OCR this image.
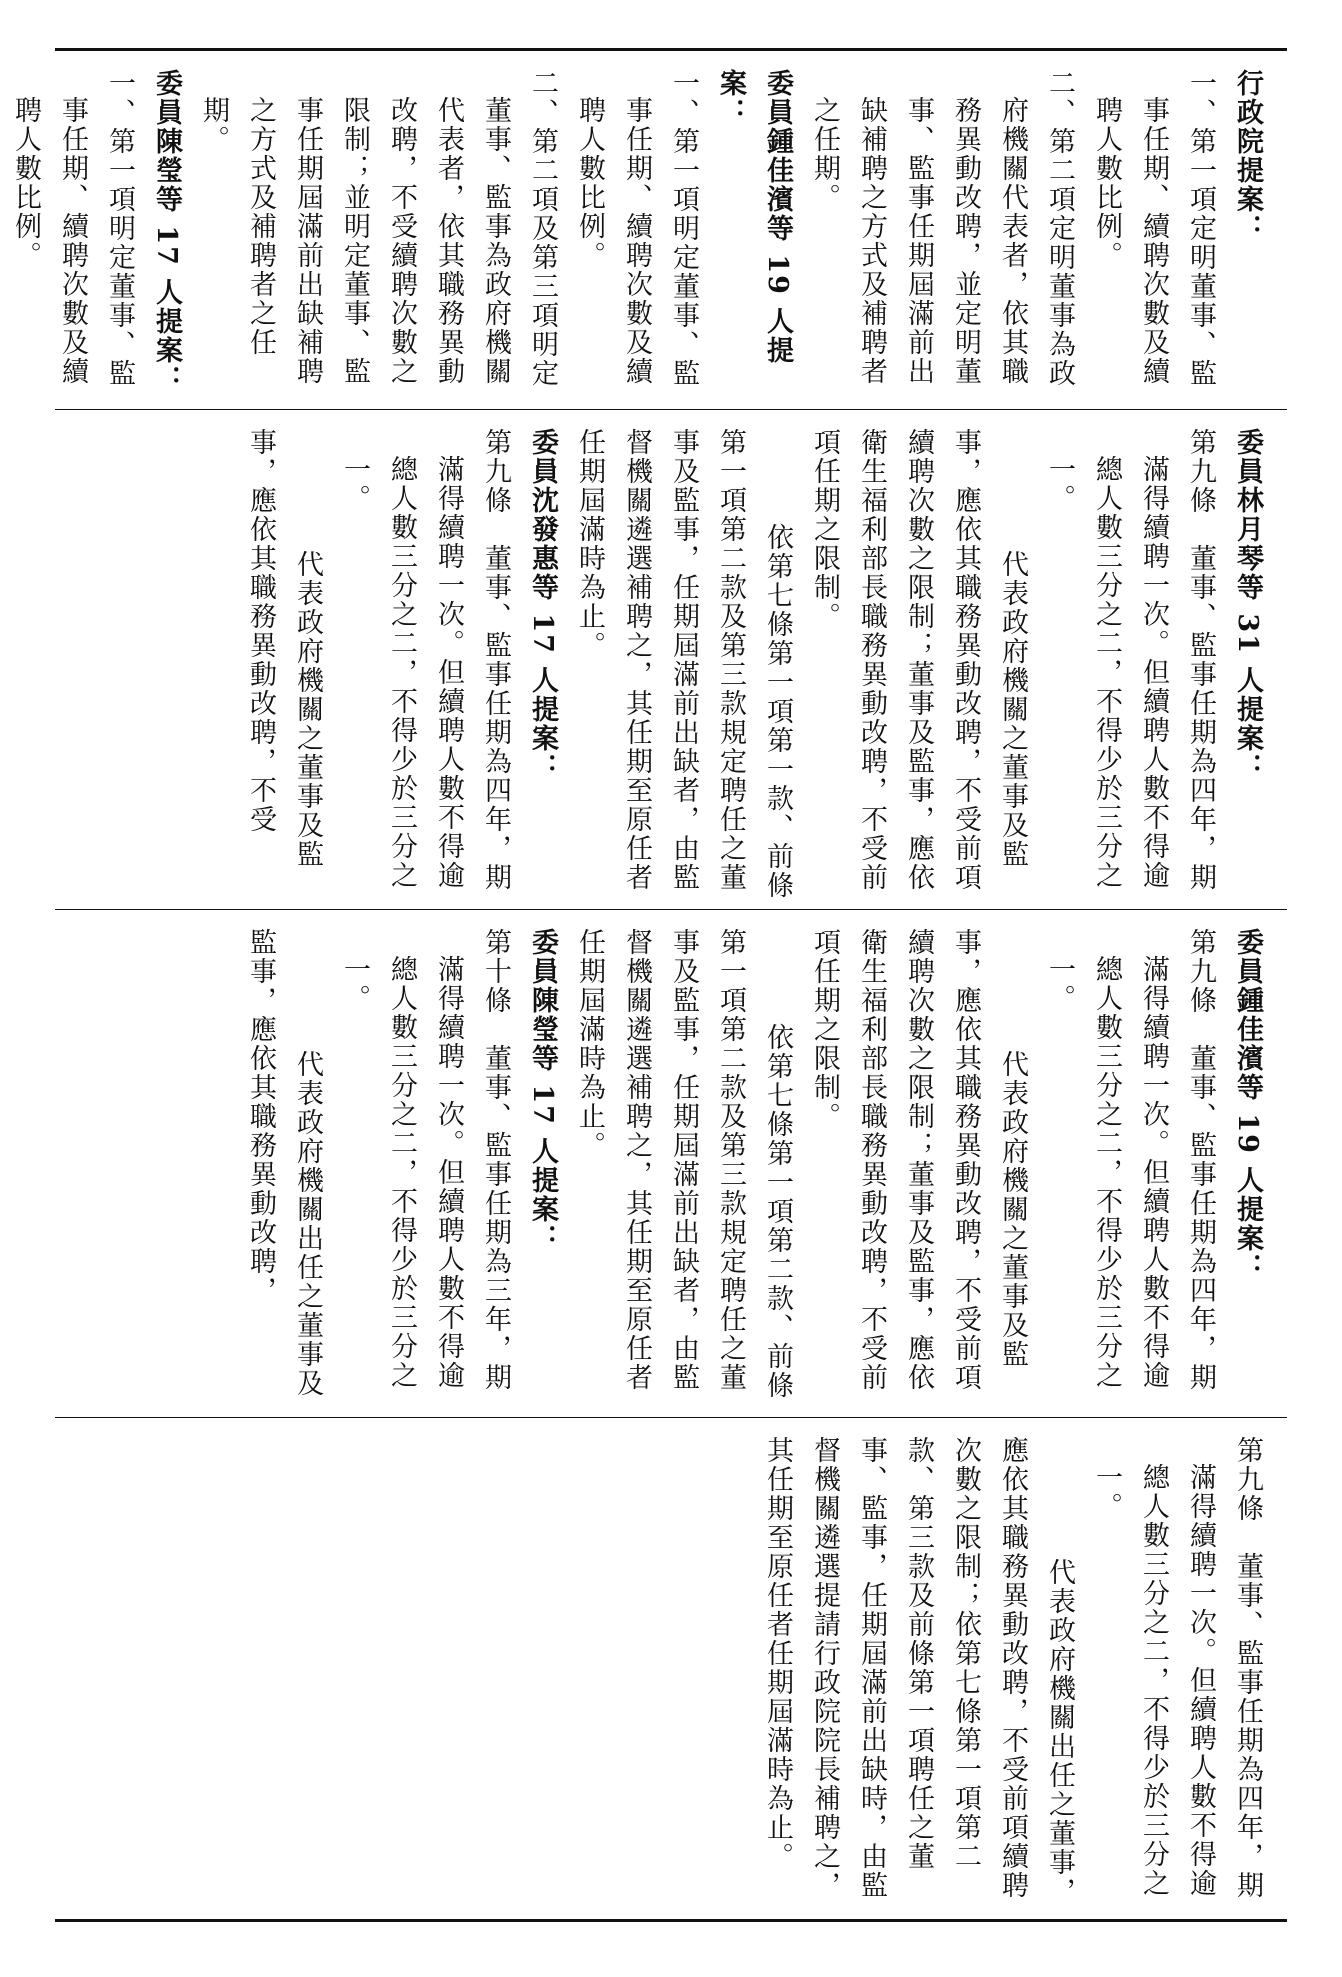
行政院提案：

一、第一項定明董事、監事任期、續聘次數及續聘人數比例。

二、第二項定明董事為政府機關代表者，依其職務異動改聘，並定明董事、監事任期屆滿前出缺補聘之方式及補聘者之任期。

委員鍾佳濱等 19 人提案：

一、第一項明定董事、監事任期、續聘次數及續聘人數比例。

二、第二項及第三項明定董事、監事為政府機關代表者，依其職務異動改聘，不受續聘次數之限制；並明定董事、監事任期屆滿前出缺補聘之方式及補聘者之任期。

委員陳瑩等 17 人提案：

一、第一項明定董事、監事任期、續聘次數及續聘人數比例。

委員林月琴等 31 人提案：

第九條　董事、監事任期為四年，期滿得續聘一次。但續聘人數不得逾總人數三分之二，不得少於三分之一。

代表政府機關之董事及監事，應依其職務異動改聘，不受前項續聘次數之限制；董事及監事，應依衛生福利部長職務異動改聘，不受前項任期之限制。

依第七條第一項第一款、前條第一項第二款及第三款規定聘任之董事及監事，任期屆滿前出缺者，由監督機關遴選補聘之，其任期至原任者任期屆滿時為止。

委員沈發惠等 17 人提案：

第九條　董事、監事任期為四年，期滿得續聘一次。但續聘人數不得逾總人數三分之二，不得少於三分之一。

代表政府機關之董事及監事，應依其職務異動改聘，不受

委員鍾佳濱等 19 人提案：

第九條　董事、監事任期為四年，期滿得續聘一次。但續聘人數不得逾總人數三分之二，不得少於三分之一。

代表政府機關之董事及監事，應依其職務異動改聘，不受前項續聘次數之限制；董事及監事，應依衛生福利部長職務異動改聘，不受前項任期之限制。

依第七條第一項第二款、前條第一項第二款及第三款規定聘任之董事及監事，任期屆滿前出缺者，由監督機關遴選補聘之，其任期至原任者任期屆滿時為止。

委員陳瑩等 17 人提案：

第十條　董事、監事任期為三年，期滿得續聘一次。但續聘人數不得逾總人數三分之二，不得少於三分之一。

代表政府機關出任之董事及監事，應依其職務異動改聘，

第九條　董事、監事任期為四年，期滿得續聘一次。但續聘人數不得逾總人數三分之二，不得少於三分之一。

代表政府機關出任之董事，應依其職務異動改聘，不受前項續聘次數之限制；依第七條第一項第二款、第三款及前條第一項聘任之董事、監事，任期屆滿前出缺時，由監督機關遴選提請行政院院長補聘之，其任期至原任者任期屆滿時為止。
